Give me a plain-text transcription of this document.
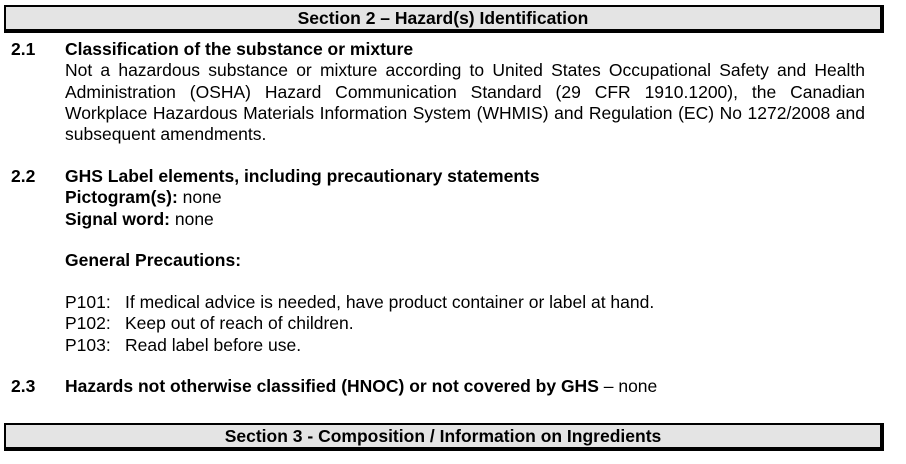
Section 2 – Hazard(s) Identification
2.1 Classification of the substance or mixture
Not a hazardous substance or mixture according to United States Occupational Safety and Health Administration (OSHA) Hazard Communication Standard (29 CFR 1910.1200), the Canadian Workplace Hazardous Materials Information System (WHMIS) and Regulation (EC) No 1272/2008 and subsequent amendments.
2.2 GHS Label elements, including precautionary statements
Pictogram(s): none
Signal word: none
General Precautions:
P101: If medical advice is needed, have product container or label at hand.
P102: Keep out of reach of children.
P103: Read label before use.
2.3 Hazards not otherwise classified (HNOC) or not covered by GHS – none
Section 3 - Composition / Information on Ingredients
